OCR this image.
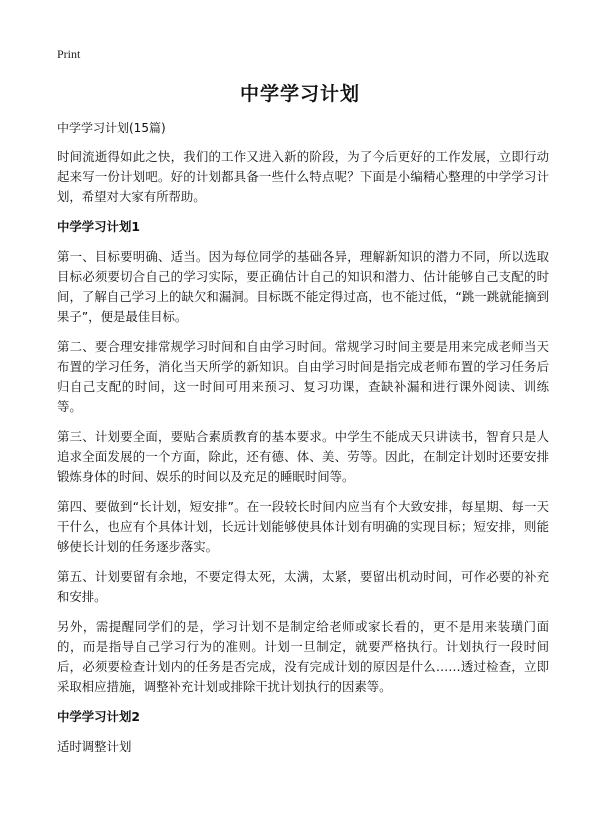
Print
中学学习计划
中学学习计划(15篇)

时间流逝得如此之快，我们的工作又进入新的阶段，为了今后更好的工作发展，立即行动起来写一份计划吧。好的计划都具备一些什么特点呢？下面是小编精心整理的中学学习计划，希望对大家有所帮助。

中学学习计划1

第一、目标要明确、适当。因为每位同学的基础各异，理解新知识的潜力不同，所以选取目标必须要切合自己的学习实际，要正确估计自己的知识和潜力、估计能够自己支配的时间，了解自己学习上的缺欠和漏洞。目标既不能定得过高，也不能过低，“跳一跳就能摘到果子”，便是最佳目标。

第二、要合理安排常规学习时间和自由学习时间。常规学习时间主要是用来完成老师当天布置的学习任务，消化当天所学的新知识。自由学习时间是指完成老师布置的学习任务后归自己支配的时间，这一时间可用来预习、复习功课，查缺补漏和进行课外阅读、训练等。

第三、计划要全面，要贴合素质教育的基本要求。中学生不能成天只讲读书，智育只是人追求全面发展的一个方面，除此，还有德、体、美、劳等。因此，在制定计划时还要安排锻炼身体的时间、娱乐的时间以及充足的睡眠时间等。

第四、要做到“长计划，短安排”。在一段较长时间内应当有个大致安排，每星期、每一天干什么，也应有个具体计划，长远计划能够使具体计划有明确的实现目标；短安排，则能够使长计划的任务逐步落实。

第五、计划要留有余地，不要定得太死，太满，太紧，要留出机动时间，可作必要的补充和安排。

另外，需提醒同学们的是，学习计划不是制定给老师或家长看的，更不是用来装璜门面的，而是指导自己学习行为的准则。计划一旦制定，就要严格执行。计划执行一段时间后，必须要检查计划内的任务是否完成，没有完成计划的原因是什么……透过检查，立即采取相应措施，调整补充计划或排除干扰计划执行的因素等。

中学学习计划2

适时调整计划
